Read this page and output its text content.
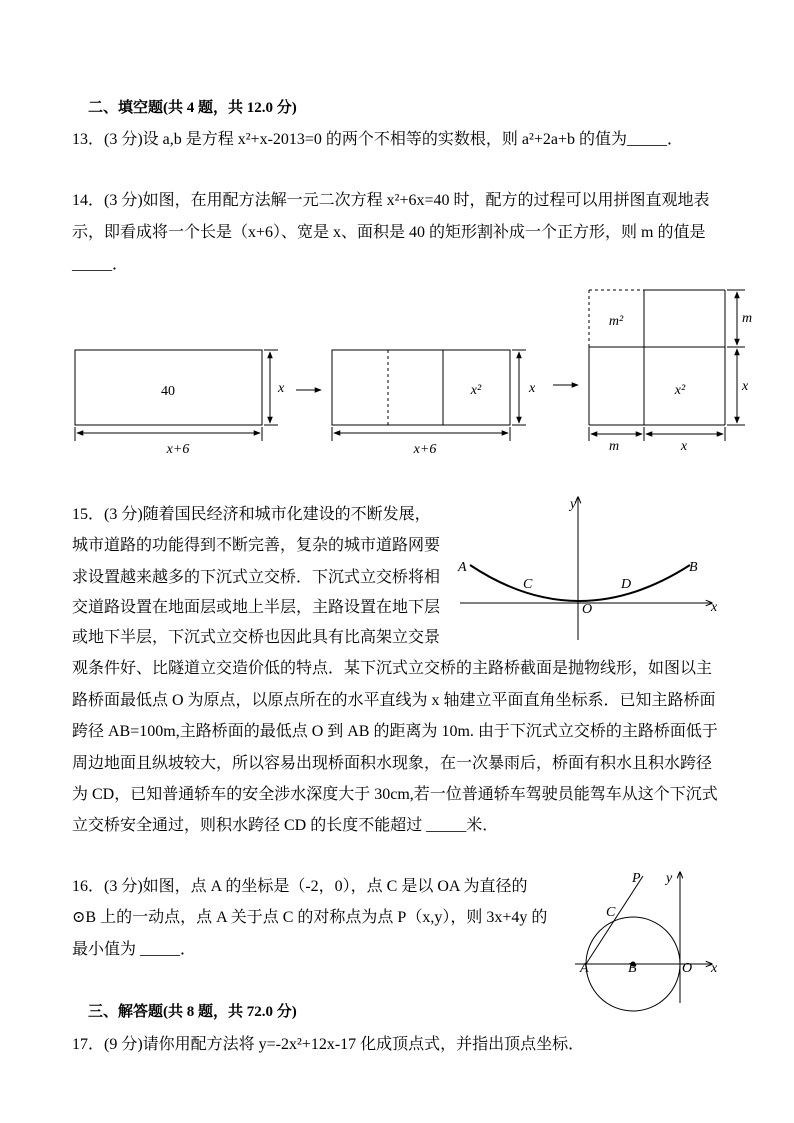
二、填空题(共 4 题，共 12.0 分)
13．(3 分)设 a,b 是方程 x²+x-2013=0 的两个不相等的实数根，则 a²+2a+b 的值为_____．
14．(3 分)如图，在用配方法解一元二次方程 x²+6x=40 时，配方的过程可以用拼图直观地表
示，即看成将一个长是（x+6）、宽是 x、面积是 40 的矩形割补成一个正方形，则 m 的值是
_____．
40	x
x+6
x²	x
x+6
m²
x²
m
x
m	x
15．(3 分)随着国民经济和城市化建设的不断发展，
城市道路的功能得到不断完善，复杂的城市道路网要
求设置越来越多的下沉式立交桥．下沉式立交桥将相
交道路设置在地面层或地上半层，主路设置在地下层
或地下半层，下沉式立交桥也因此具有比高架立交景
观条件好、比隧道立交造价低的特点．某下沉式立交桥的主路桥截面是抛物线形，如图以主
路桥面最低点 O 为原点，以原点所在的水平直线为 x 轴建立平面直角坐标系．已知主路桥面
跨径 AB=100m,主路桥面的最低点 O 到 AB 的距离为 10m. 由于下沉式立交桥的主路桥面低于
周边地面且纵坡较大，所以容易出现桥面积水现象，在一次暴雨后，桥面有积水且积水跨径
为 CD，已知普通轿车的安全涉水深度大于 30cm,若一位普通轿车驾驶员能驾车从这个下沉式
立交桥安全通过，则积水跨径 CD 的长度不能超过 _____米．
y
x
A	B
C	D
O
16．(3 分)如图，点 A 的坐标是（-2，0），点 C 是以 OA 为直径的
⊙B 上的一动点，点 A 关于点 C 的对称点为点 P（x,y），则 3x+4y 的
最小值为 _____．
P y
C
A	B	O x
三、解答题(共 8 题，共 72.0 分)
17．(9 分)请你用配方法将 y=-2x²+12x-17 化成顶点式，并指出顶点坐标．
